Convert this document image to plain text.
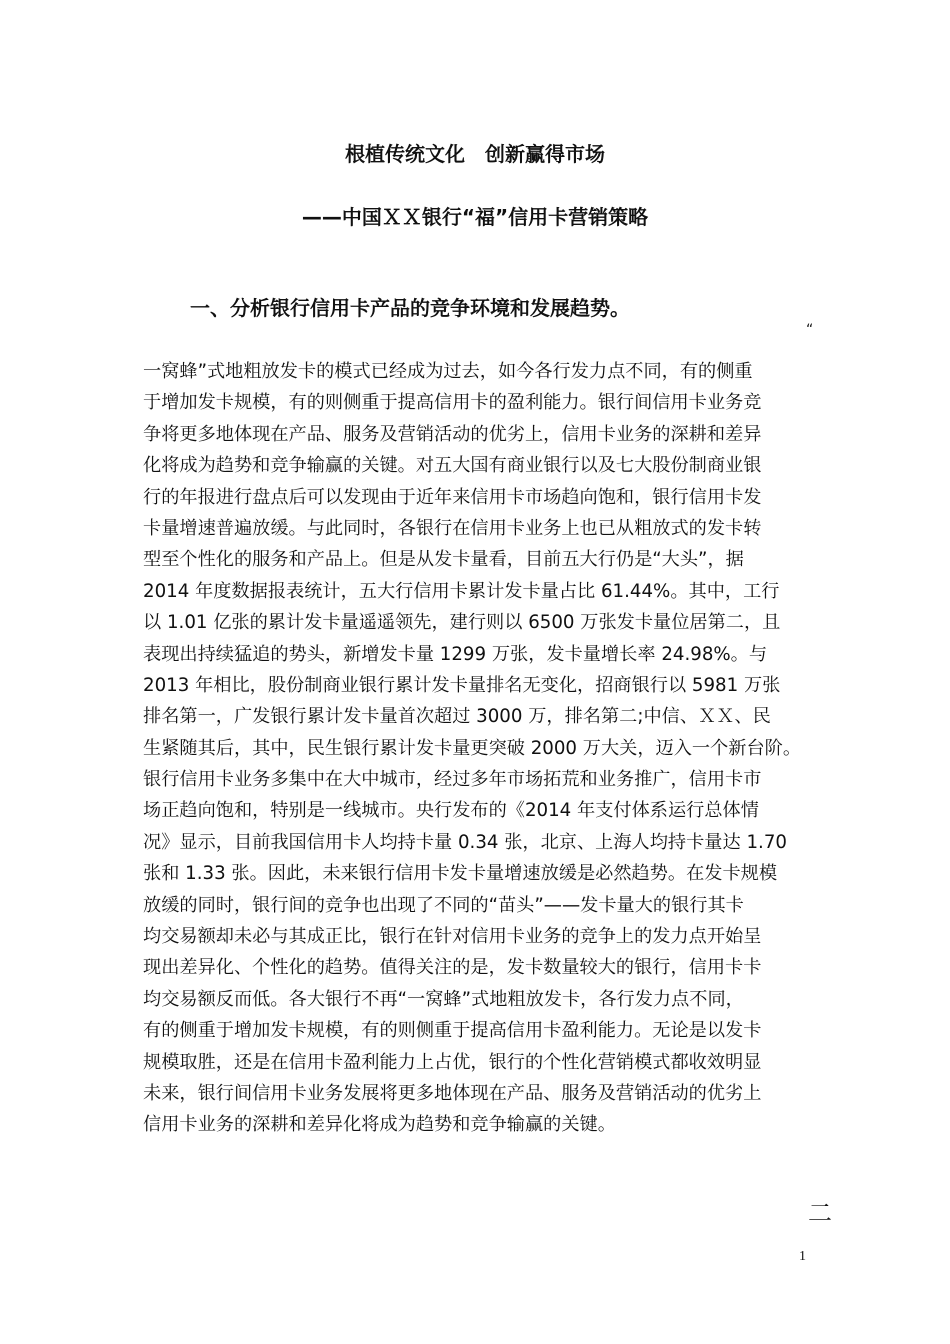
根植传统文化　创新赢得市场
——中国ＸＸ银行“福”信用卡营销策略
一、分析银行信用卡产品的竞争环境和发展趋势。
“
一窝蜂”式地粗放发卡的模式已经成为过去，如今各行发力点不同，有的侧重
于增加发卡规模，有的则侧重于提高信用卡的盈利能力。银行间信用卡业务竞
争将更多地体现在产品、服务及营销活动的优劣上，信用卡业务的深耕和差异
化将成为趋势和竞争输赢的关键。对五大国有商业银行以及七大股份制商业银
行的年报进行盘点后可以发现由于近年来信用卡市场趋向饱和，银行信用卡发
卡量增速普遍放缓。与此同时，各银行在信用卡业务上也已从粗放式的发卡转
型至个性化的服务和产品上。但是从发卡量看，目前五大行仍是“大头”，据
2014 年度数据报表统计，五大行信用卡累计发卡量占比 61.44%。其中，工行
以 1.01 亿张的累计发卡量遥遥领先，建行则以 6500 万张发卡量位居第二，且
表现出持续猛追的势头，新增发卡量 1299 万张，发卡量增长率 24.98%。与
2013 年相比，股份制商业银行累计发卡量排名无变化，招商银行以 5981 万张
排名第一，广发银行累计发卡量首次超过 3000 万，排名第二;中信、ＸＸ、民
生紧随其后，其中，民生银行累计发卡量更突破 2000 万大关，迈入一个新台阶。
银行信用卡业务多集中在大中城市，经过多年市场拓荒和业务推广，信用卡市
场正趋向饱和，特别是一线城市。央行发布的《2014 年支付体系运行总体情
况》显示，目前我国信用卡人均持卡量 0.34 张，北京、上海人均持卡量达 1.70
张和 1.33 张。因此，未来银行信用卡发卡量增速放缓是必然趋势。在发卡规模
放缓的同时，银行间的竞争也出现了不同的“苗头”——发卡量大的银行其卡
均交易额却未必与其成正比，银行在针对信用卡业务的竞争上的发力点开始呈
现出差异化、个性化的趋势。值得关注的是，发卡数量较大的银行，信用卡卡
均交易额反而低。各大银行不再“一窝蜂”式地粗放发卡，各行发力点不同，
有的侧重于增加发卡规模，有的则侧重于提高信用卡盈利能力。无论是以发卡
规模取胜，还是在信用卡盈利能力上占优，银行的个性化营销模式都收效明显
未来，银行间信用卡业务发展将更多地体现在产品、服务及营销活动的优劣上
信用卡业务的深耕和差异化将成为趋势和竞争输赢的关键。
二
1
